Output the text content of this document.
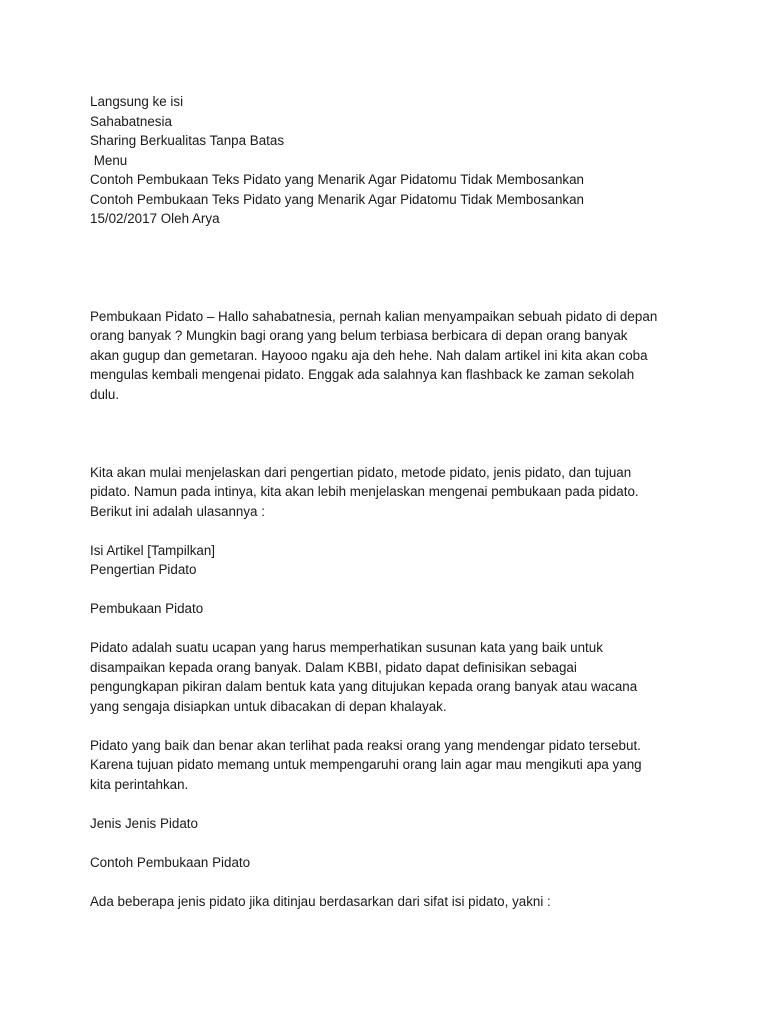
Langsung ke isi
Sahabatnesia
Sharing Berkualitas Tanpa Batas
Menu
Contoh Pembukaan Teks Pidato yang Menarik Agar Pidatomu Tidak Membosankan
Contoh Pembukaan Teks Pidato yang Menarik Agar Pidatomu Tidak Membosankan
15/02/2017 Oleh Arya
Pembukaan Pidato – Hallo sahabatnesia, pernah kalian menyampaikan sebuah pidato di depan
orang banyak ? Mungkin bagi orang yang belum terbiasa berbicara di depan orang banyak
akan gugup dan gemetaran. Hayooo ngaku aja deh hehe. Nah dalam artikel ini kita akan coba
mengulas kembali mengenai pidato. Enggak ada salahnya kan flashback ke zaman sekolah
dulu.
Kita akan mulai menjelaskan dari pengertian pidato, metode pidato, jenis pidato, dan tujuan
pidato. Namun pada intinya, kita akan lebih menjelaskan mengenai pembukaan pada pidato.
Berikut ini adalah ulasannya :
Isi Artikel [Tampilkan]
Pengertian Pidato
Pembukaan Pidato
Pidato adalah suatu ucapan yang harus memperhatikan susunan kata yang baik untuk
disampaikan kepada orang banyak. Dalam KBBI, pidato dapat definisikan sebagai
pengungkapan pikiran dalam bentuk kata yang ditujukan kepada orang banyak atau wacana
yang sengaja disiapkan untuk dibacakan di depan khalayak.
Pidato yang baik dan benar akan terlihat pada reaksi orang yang mendengar pidato tersebut.
Karena tujuan pidato memang untuk mempengaruhi orang lain agar mau mengikuti apa yang
kita perintahkan.
Jenis Jenis Pidato
Contoh Pembukaan Pidato
Ada beberapa jenis pidato jika ditinjau berdasarkan dari sifat isi pidato, yakni :
